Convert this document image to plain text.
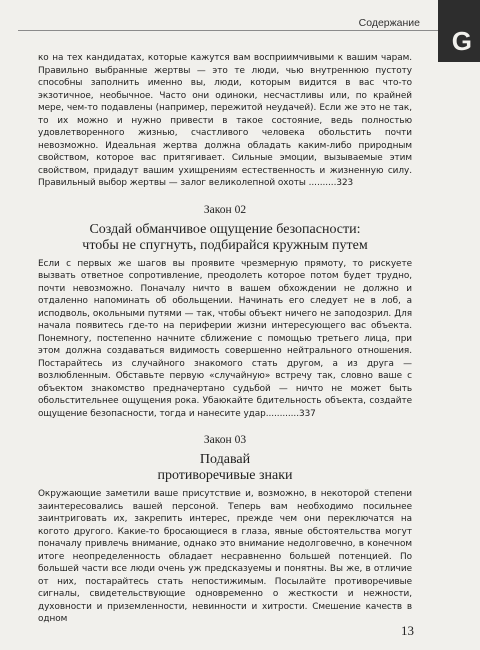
Содержание
G

ко на тех кандидатах, которые кажутся вам восприимчивыми к вашим чарам. Правильно выбранные жертвы — это те люди, чью внутреннюю пустоту способны заполнить именно вы, люди, которым видится в вас что-то экзотичное, необычное. Часто они одиноки, несчастливы или, по крайней мере, чем-то подавлены (например, пережитой неудачей). Если же это не так, то их можно и нужно привести в такое состояние, ведь полностью удовлетворенного жизнью, счастливого человека обольстить почти невозможно. Идеальная жертва должна обладать каким-либо природным свойством, которое вас притягивает. Сильные эмоции, вызываемые этим свойством, придадут вашим ухищрениям естественность и жизненную силу. Правильный выбор жертвы — залог великолепной охоты ..........323

Закон 02
Создай обманчивое ощущение безопасности:
чтобы не спугнуть, подбирайся кружным путем

Если с первых же шагов вы проявите чрезмерную прямоту, то рискуете вызвать ответное сопротивление, преодолеть которое потом будет трудно, почти невозможно. Поначалу ничто в вашем обхождении не должно и отдаленно напоминать об обольщении. Начинать его следует не в лоб, а исподволь, окольными путями — так, чтобы объект ничего не заподозрил. Для начала появитесь где-то на периферии жизни интересующего вас объекта. Понемногу, постепенно начните сближение с помощью третьего лица, при этом должна создаваться видимость совершенно нейтрального отношения. Постарайтесь из случайного знакомого стать другом, а из друга — возлюбленным. Обставьте первую «случайную» встречу так, словно ваше с объектом знакомство предначертано судьбой — ничто не может быть обольстительнее ощущения рока. Убаюкайте бдительность объекта, создайте ощущение безопасности, тогда и нанесите удар............337

Закон 03
Подавай
противоречивые знаки

Окружающие заметили ваше присутствие и, возможно, в некоторой степени заинтересовались вашей персоной. Теперь вам необходимо посильнее заинтриговать их, закрепить интерес, прежде чем они переключатся на когото другого. Какие-то бросающиеся в глаза, явные обстоятельства могут поначалу привлечь внимание, однако это внимание недолговечно, в конечном итоге неопределенность обладает несравненно большей потенцией. По большей части все люди очень уж предсказуемы и понятны. Вы же, в отличие от них, постарайтесь стать непостижимым. Посылайте противоречивые сигналы, свидетельствующие одновременно о жесткости и нежности, духовности и приземленности, невинности и хитрости. Смешение качеств в одном

13
